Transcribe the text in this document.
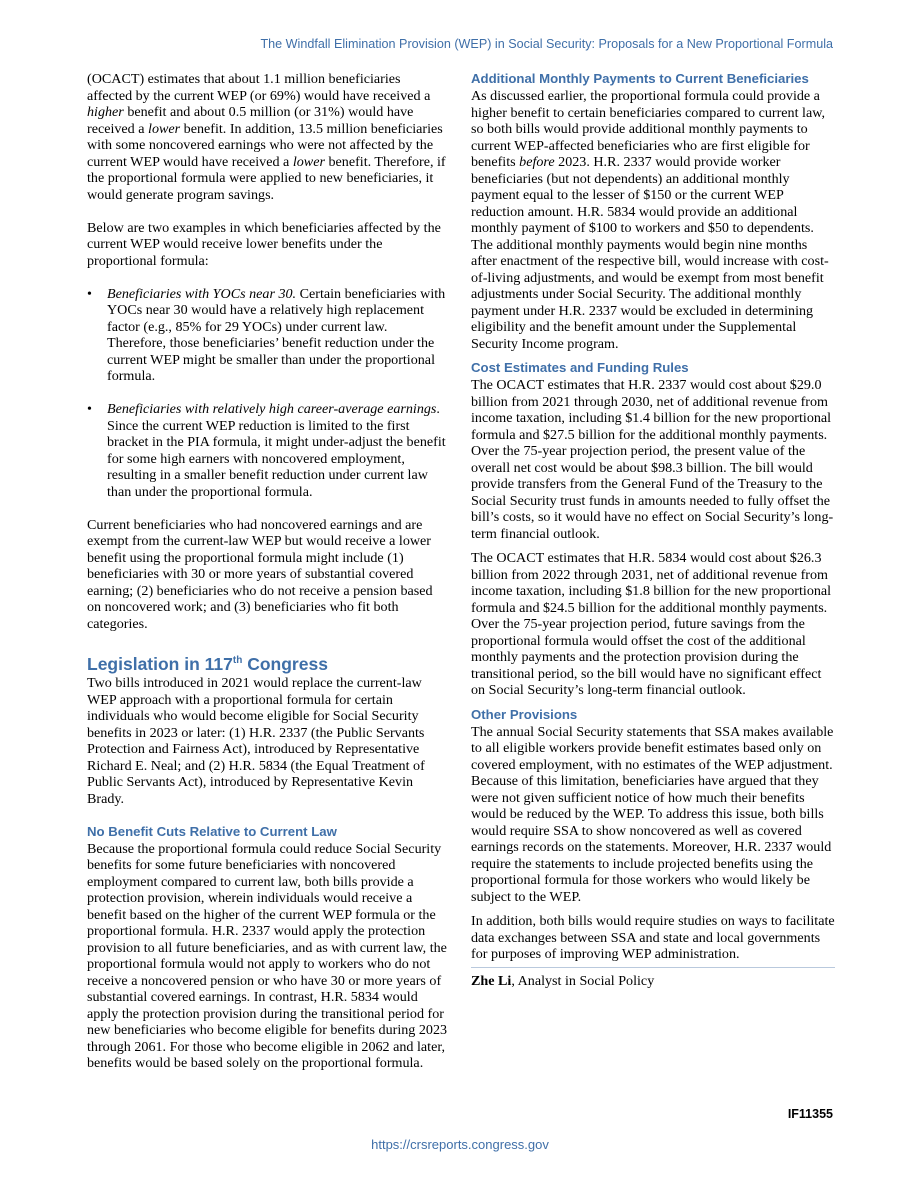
The Windfall Elimination Provision (WEP) in Social Security: Proposals for a New Proportional Formula

(OCACT) estimates that about 1.1 million beneficiaries affected by the current WEP (or 69%) would have received a higher benefit and about 0.5 million (or 31%) would have received a lower benefit. In addition, 13.5 million beneficiaries with some noncovered earnings who were not affected by the current WEP would have received a lower benefit. Therefore, if the proportional formula were applied to new beneficiaries, it would generate program savings.

Below are two examples in which beneficiaries affected by the current WEP would receive lower benefits under the proportional formula:

• Beneficiaries with YOCs near 30. Certain beneficiaries with YOCs near 30 would have a relatively high replacement factor (e.g., 85% for 29 YOCs) under current law. Therefore, those beneficiaries’ benefit reduction under the current WEP might be smaller than under the proportional formula.
• Beneficiaries with relatively high career-average earnings. Since the current WEP reduction is limited to the first bracket in the PIA formula, it might under-adjust the benefit for some high earners with noncovered employment, resulting in a smaller benefit reduction under current law than under the proportional formula.

Current beneficiaries who had noncovered earnings and are exempt from the current-law WEP but would receive a lower benefit using the proportional formula might include (1) beneficiaries with 30 or more years of substantial covered earning; (2) beneficiaries who do not receive a pension based on noncovered work; and (3) beneficiaries who fit both categories.

Legislation in 117th Congress

Two bills introduced in 2021 would replace the current-law WEP approach with a proportional formula for certain individuals who would become eligible for Social Security benefits in 2023 or later: (1) H.R. 2337 (the Public Servants Protection and Fairness Act), introduced by Representative Richard E. Neal; and (2) H.R. 5834 (the Equal Treatment of Public Servants Act), introduced by Representative Kevin Brady.

No Benefit Cuts Relative to Current Law

Because the proportional formula could reduce Social Security benefits for some future beneficiaries with noncovered employment compared to current law, both bills provide a protection provision, wherein individuals would receive a benefit based on the higher of the current WEP formula or the proportional formula. H.R. 2337 would apply the protection provision to all future beneficiaries, and as with current law, the proportional formula would not apply to workers who do not receive a noncovered pension or who have 30 or more years of substantial covered earnings. In contrast, H.R. 5834 would apply the protection provision during the transitional period for new beneficiaries who become eligible for benefits during 2023 through 2061. For those who become eligible in 2062 and later, benefits would be based solely on the proportional formula.

Additional Monthly Payments to Current Beneficiaries

As discussed earlier, the proportional formula could provide a higher benefit to certain beneficiaries compared to current law, so both bills would provide additional monthly payments to current WEP-affected beneficiaries who are first eligible for benefits before 2023. H.R. 2337 would provide worker beneficiaries (but not dependents) an additional monthly payment equal to the lesser of $150 or the current WEP reduction amount. H.R. 5834 would provide an additional monthly payment of $100 to workers and $50 to dependents. The additional monthly payments would begin nine months after enactment of the respective bill, would increase with cost-of-living adjustments, and would be exempt from most benefit adjustments under Social Security. The additional monthly payment under H.R. 2337 would be excluded in determining eligibility and the benefit amount under the Supplemental Security Income program.

Cost Estimates and Funding Rules

The OCACT estimates that H.R. 2337 would cost about $29.0 billion from 2021 through 2030, net of additional revenue from income taxation, including $1.4 billion for the new proportional formula and $27.5 billion for the additional monthly payments. Over the 75-year projection period, the present value of the overall net cost would be about $98.3 billion. The bill would provide transfers from the General Fund of the Treasury to the Social Security trust funds in amounts needed to fully offset the bill’s costs, so it would have no effect on Social Security’s long-term financial outlook.

The OCACT estimates that H.R. 5834 would cost about $26.3 billion from 2022 through 2031, net of additional revenue from income taxation, including $1.8 billion for the new proportional formula and $24.5 billion for the additional monthly payments. Over the 75-year projection period, future savings from the proportional formula would offset the cost of the additional monthly payments and the protection provision during the transitional period, so the bill would have no significant effect on Social Security’s long-term financial outlook.

Other Provisions

The annual Social Security statements that SSA makes available to all eligible workers provide benefit estimates based only on covered employment, with no estimates of the WEP adjustment. Because of this limitation, beneficiaries have argued that they were not given sufficient notice of how much their benefits would be reduced by the WEP. To address this issue, both bills would require SSA to show noncovered as well as covered earnings records on the statements. Moreover, H.R. 2337 would require the statements to include projected benefits using the proportional formula for those workers who would likely be subject to the WEP.

In addition, both bills would require studies on ways to facilitate data exchanges between SSA and state and local governments for purposes of improving WEP administration.

Zhe Li, Analyst in Social Policy
IF11355
https://crsreports.congress.gov
